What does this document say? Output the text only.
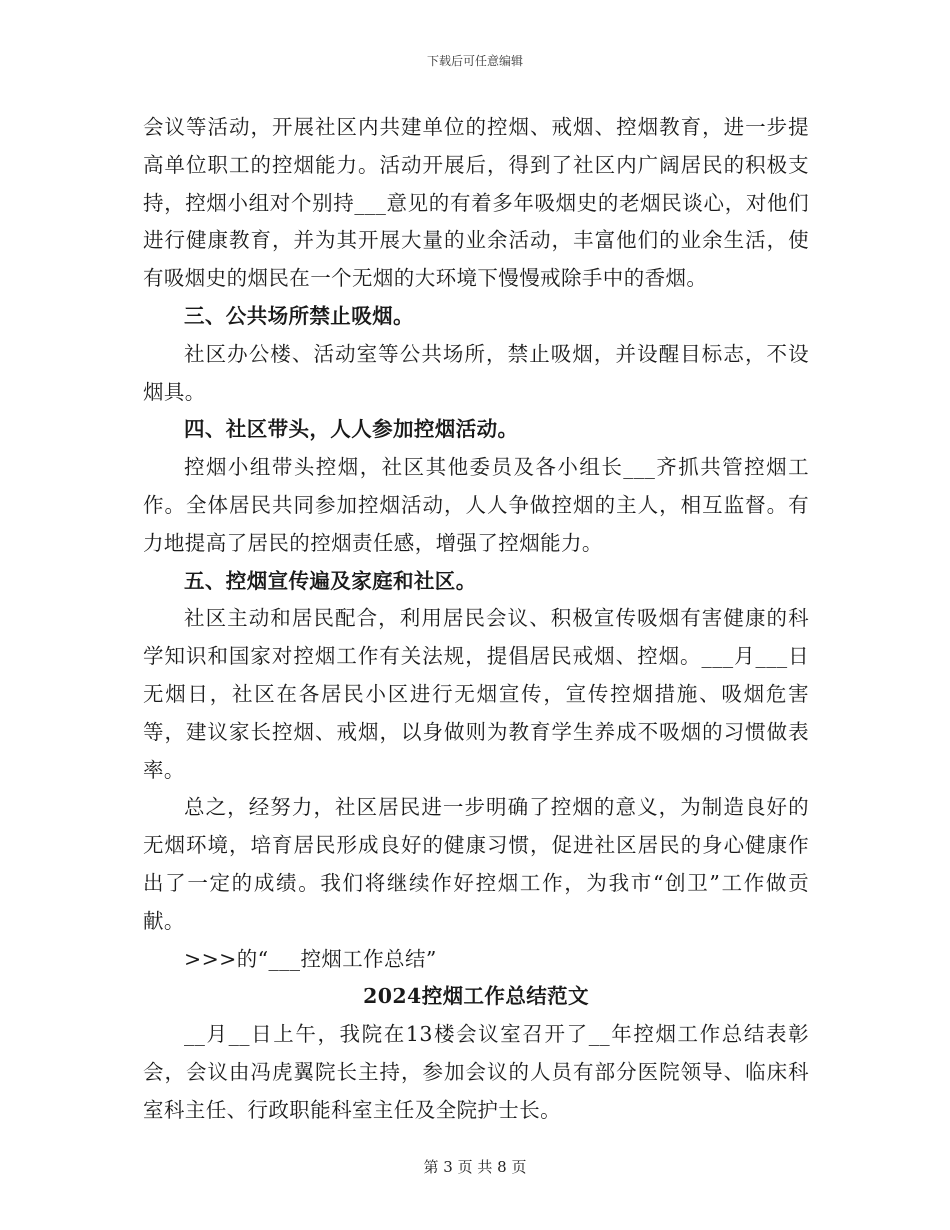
下载后可任意编辑

会议等活动，开展社区内共建单位的控烟、戒烟、控烟教育，进一步提高单位职工的控烟能力。活动开展后，得到了社区内广阔居民的积极支持，控烟小组对个别持___意见的有着多年吸烟史的老烟民谈心，对他们进行健康教育，并为其开展大量的业余活动，丰富他们的业余生活，使有吸烟史的烟民在一个无烟的大环境下慢慢戒除手中的香烟。

三、公共场所禁止吸烟。

社区办公楼、活动室等公共场所，禁止吸烟，并设醒目标志，不设烟具。

四、社区带头，人人参加控烟活动。

控烟小组带头控烟，社区其他委员及各小组长___齐抓共管控烟工作。全体居民共同参加控烟活动，人人争做控烟的主人，相互监督。有力地提高了居民的控烟责任感，增强了控烟能力。

五、控烟宣传遍及家庭和社区。

社区主动和居民配合，利用居民会议、积极宣传吸烟有害健康的科学知识和国家对控烟工作有关法规，提倡居民戒烟、控烟。___月___日无烟日，社区在各居民小区进行无烟宣传，宣传控烟措施、吸烟危害等，建议家长控烟、戒烟，以身做则为教育学生养成不吸烟的习惯做表率。

总之，经努力，社区居民进一步明确了控烟的意义，为制造良好的无烟环境，培育居民形成良好的健康习惯，促进社区居民的身心健康作出了一定的成绩。我们将继续作好控烟工作，为我市“创卫”工作做贡献。

>>>的“___控烟工作总结”

2024控烟工作总结范文

__月__日上午，我院在13楼会议室召开了__年控烟工作总结表彰会，会议由冯虎翼院长主持，参加会议的人员有部分医院领导、临床科室科主任、行政职能科室主任及全院护士长。

第 3 页 共 8 页
